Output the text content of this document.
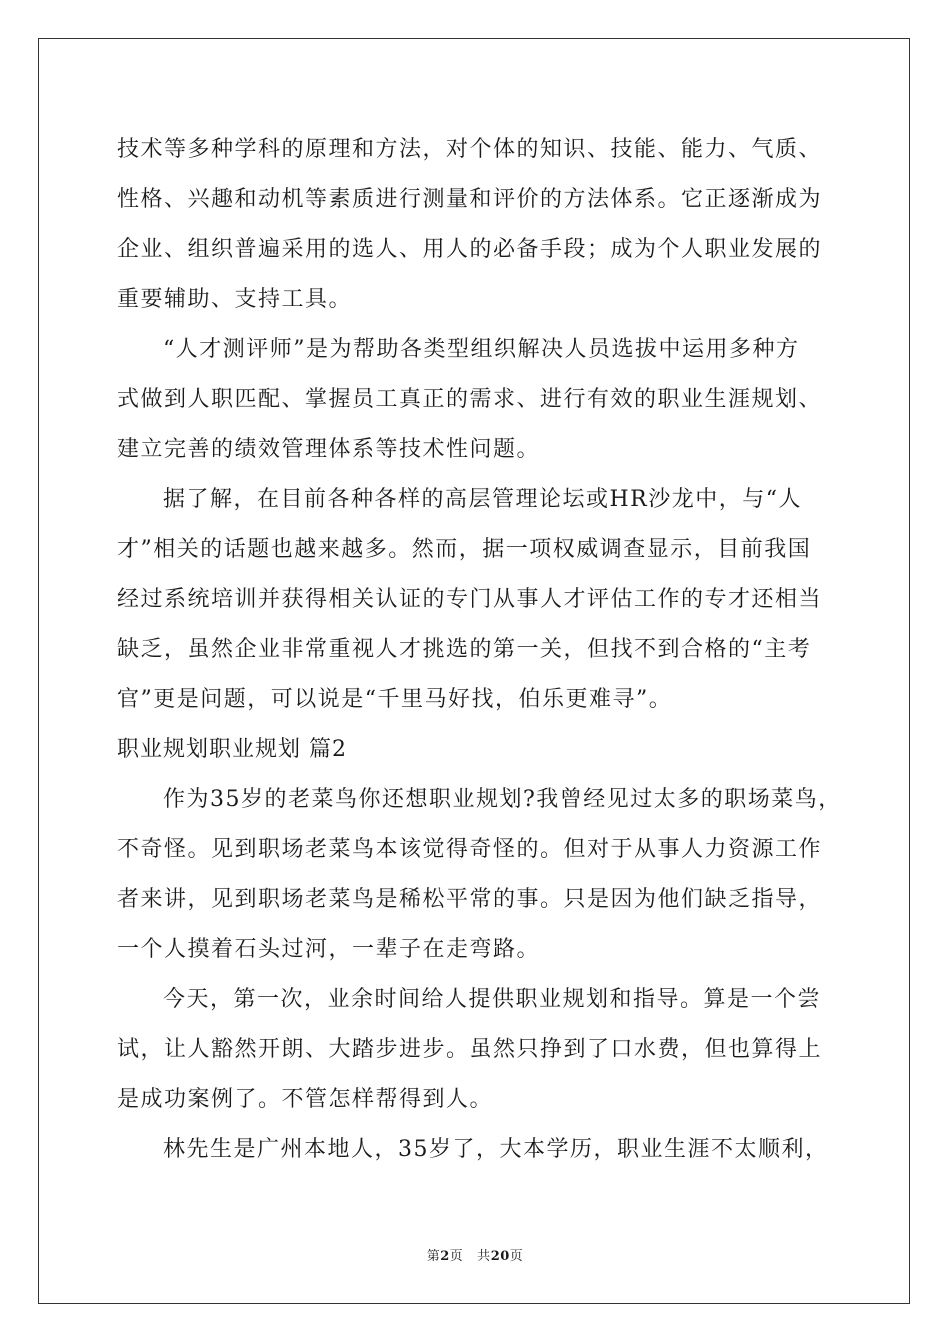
技术等多种学科的原理和方法，对个体的知识、技能、能力、气质、
性格、兴趣和动机等素质进行测量和评价的方法体系。它正逐渐成为
企业、组织普遍采用的选人、用人的必备手段；成为个人职业发展的
重要辅助、支持工具。
“人才测评师”是为帮助各类型组织解决人员选拔中运用多种方
式做到人职匹配、掌握员工真正的需求、进行有效的职业生涯规划、
建立完善的绩效管理体系等技术性问题。
据了解，在目前各种各样的高层管理论坛或HR沙龙中，与“人
才”相关的话题也越来越多。然而，据一项权威调查显示，目前我国
经过系统培训并获得相关认证的专门从事人才评估工作的专才还相当
缺乏，虽然企业非常重视人才挑选的第一关，但找不到合格的“主考
官”更是问题，可以说是“千里马好找，伯乐更难寻”。
职业规划职业规划 篇2
作为35岁的老菜鸟你还想职业规划?我曾经见过太多的职场菜鸟，
不奇怪。见到职场老菜鸟本该觉得奇怪的。但对于从事人力资源工作
者来讲，见到职场老菜鸟是稀松平常的事。只是因为他们缺乏指导，
一个人摸着石头过河，一辈子在走弯路。
今天，第一次，业余时间给人提供职业规划和指导。算是一个尝
试，让人豁然开朗、大踏步进步。虽然只挣到了口水费，但也算得上
是成功案例了。不管怎样帮得到人。
林先生是广州本地人，35岁了，大本学历，职业生涯不太顺利，
第2页 共20页
